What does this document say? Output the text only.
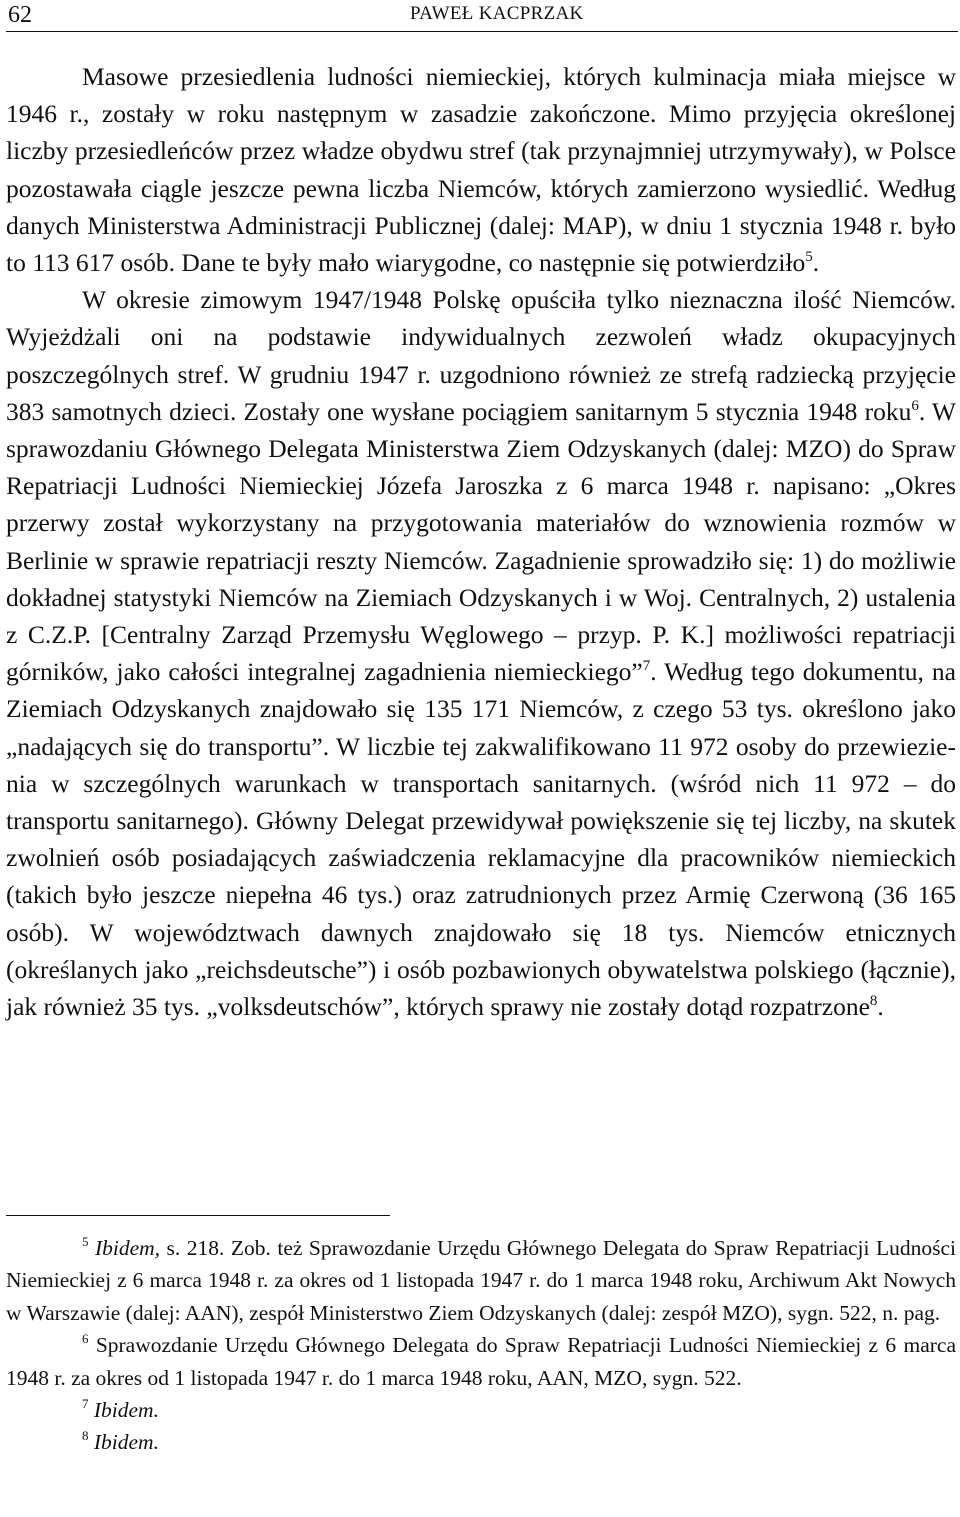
62	PAWEŁ KACPRZAK

Masowe przesiedlenia ludności niemieckiej, których kulminacja miała miejsce w 1946 r., zostały w roku następnym w zasadzie zakończone. Mimo przyjęcia określonej liczby przesiedleńców przez władze obydwu stref (tak przynajmniej utrzymywały), w Polsce pozostawała ciągle jeszcze pewna liczba Niemców, których zamierzono wysiedlić. Według danych Ministerstwa Administracji Publicznej (dalej: MAP), w dniu 1 stycznia 1948 r. było to 113 617 osób. Dane te były mało wiarygodne, co następnie się potwierdziło$^5$.

W okresie zimowym 1947/1948 Polskę opuściła tylko nieznaczna ilość Niemców. Wyjeżdżali oni na podstawie indywidualnych zezwoleń władz okupacyjnych poszczególnych stref. W grudniu 1947 r. uzgodniono również ze strefą radziecką przyjęcie 383 samotnych dzieci. Zostały one wysłane pociągiem sanitarnym 5 stycznia 1948 roku$^6$. W sprawozdaniu Głównego Delegata Ministerstwa Ziem Odzyskanych (dalej: MZO) do Spraw Repatriacji Ludności Niemieckiej Józefa Jaroszka z 6 marca 1948 r. napisano: „Okres przerwy został wykorzystany na przygotowania materiałów do wznowienia rozmów w Berlinie w sprawie repatriacji reszty Niemców. Zagadnienie sprowadziło się: 1) do możliwie dokładnej statystyki Niemców na Ziemiach Odzyskanych i w Woj. Centralnych, 2) ustalenia z C.Z.P. [Centralny Zarząd Przemysłu Węglowego – przyp. P. K.] możliwości repatriacji górników, jako całości integralnej zagadnienia niemieckiego”$^7$. Według tego dokumentu, na Ziemiach Odzyskanych znajdowało się 135 171 Niemców, z czego 53 tys. określono jako „nadających się do transportu”. W liczbie tej zakwalifikowano 11 972 osoby do przewiezienia w szczególnych warunkach w transportach sanitarnych. (wśród nich 11 972 – do transportu sanitarnego). Główny Delegat przewidywał powiększenie się tej liczby, na skutek zwolnień osób posiadających zaświadczenia reklamacyjne dla pracowników niemieckich (takich było jeszcze niepełna 46 tys.) oraz zatrudnionych przez Armię Czerwoną (36 165 osób). W województwach dawnych znajdowało się 18 tys. Niemców etnicznych (określanych jako „reichsdeutsche”) i osób pozbawionych obywatelstwa polskiego (łącznie), jak również 35 tys. „volksdeutschów”, których sprawy nie zostały dotąd rozpatrzone$^8$.

$^5$ Ibidem, s. 218. Zob. też Sprawozdanie Urzędu Głównego Delegata do Spraw Repatriacji Ludności Niemieckiej z 6 marca 1948 r. za okres od 1 listopada 1947 r. do 1 marca 1948 roku, Archiwum Akt Nowych w Warszawie (dalej: AAN), zespół Ministerstwo Ziem Odzyskanych (dalej: zespół MZO), sygn. 522, n. pag.

$^6$ Sprawozdanie Urzędu Głównego Delegata do Spraw Repatriacji Ludności Niemieckiej z 6 marca 1948 r. za okres od 1 listopada 1947 r. do 1 marca 1948 roku, AAN, MZO, sygn. 522.

$^7$ Ibidem.

$^8$ Ibidem.
